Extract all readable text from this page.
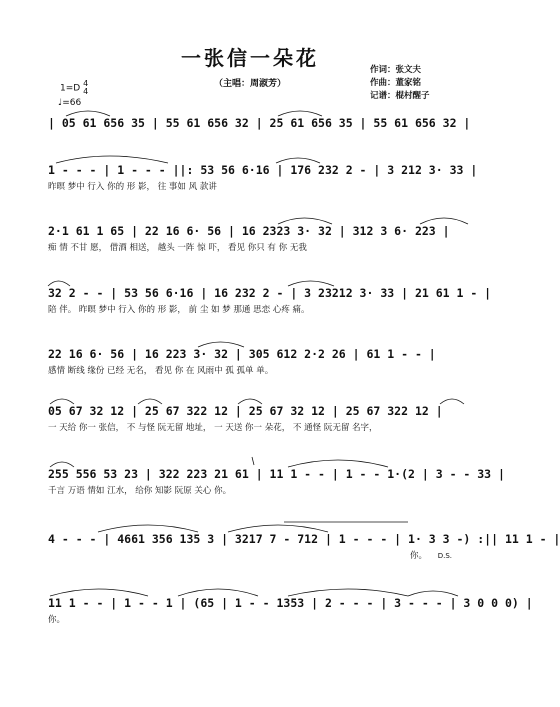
一张信一朵花
（主唱：周淑芳）
作词：张文夫
作曲：董家铭
记谱：棍村醒子
1=D 4
4
♩=66
| 05 61 656 35 | 55 61 656 32 | 25 61 656 35 | 55 61 656 32 |
1 - - - | 1 - - - ||: 53 56 6·16 | 176 232 2 - | 3 212 3· 33 |
昨暝 梦中 行入 你的 形 影， 往 事如 风 款讲
2·1 61 1 65 | 22 16 6· 56 | 16 2323 3· 32 | 312 3 6· 223 |
痴 情 不甘 愿， 借酒 相送， 越头 一阵 惊 吓， 看见 你只 有 你 无我
32 2 - - | 53 56 6·16 | 16 232 2 - | 3 23212 3· 33 | 21 61 1 - |
陪 伴。 昨暝 梦中 行入 你的 形 影， 前 尘 如 梦 那通 思恋 心疼 痛。
22 16 6· 56 | 16 223 3· 32 | 305 612 2·2 26 | 61 1 - - |
感情 断线 缘份 已经 无名， 看见 你 在 风雨中 孤 孤单 单。
05 67 32 12 | 25 67 322 12 | 25 67 32 12 | 25 67 322 12 |
一 天给 你一 张信， 不 与怪 阮无留 地址， 一 天送 你一 朵花， 不 通怪 阮无留 名字，
255 556 53 23 | 322 223 21 61 | 11 1 - - | 1 - - 1·(2 | 3 - - 33 |
千言 万语 情如 江水， 给你 知影 阮原 关心 你。
4 - - - | 4661 356 135 3 | 3217 7 - 712 | 1 - - - | 1· 3 3 -) :|| 11 1 - |
你。 D.S.
11 1 - - | 1 - - 1 | (65 | 1 - - 1353 | 2 - - - | 3 - - - | 3 0 0 0) |
你。
